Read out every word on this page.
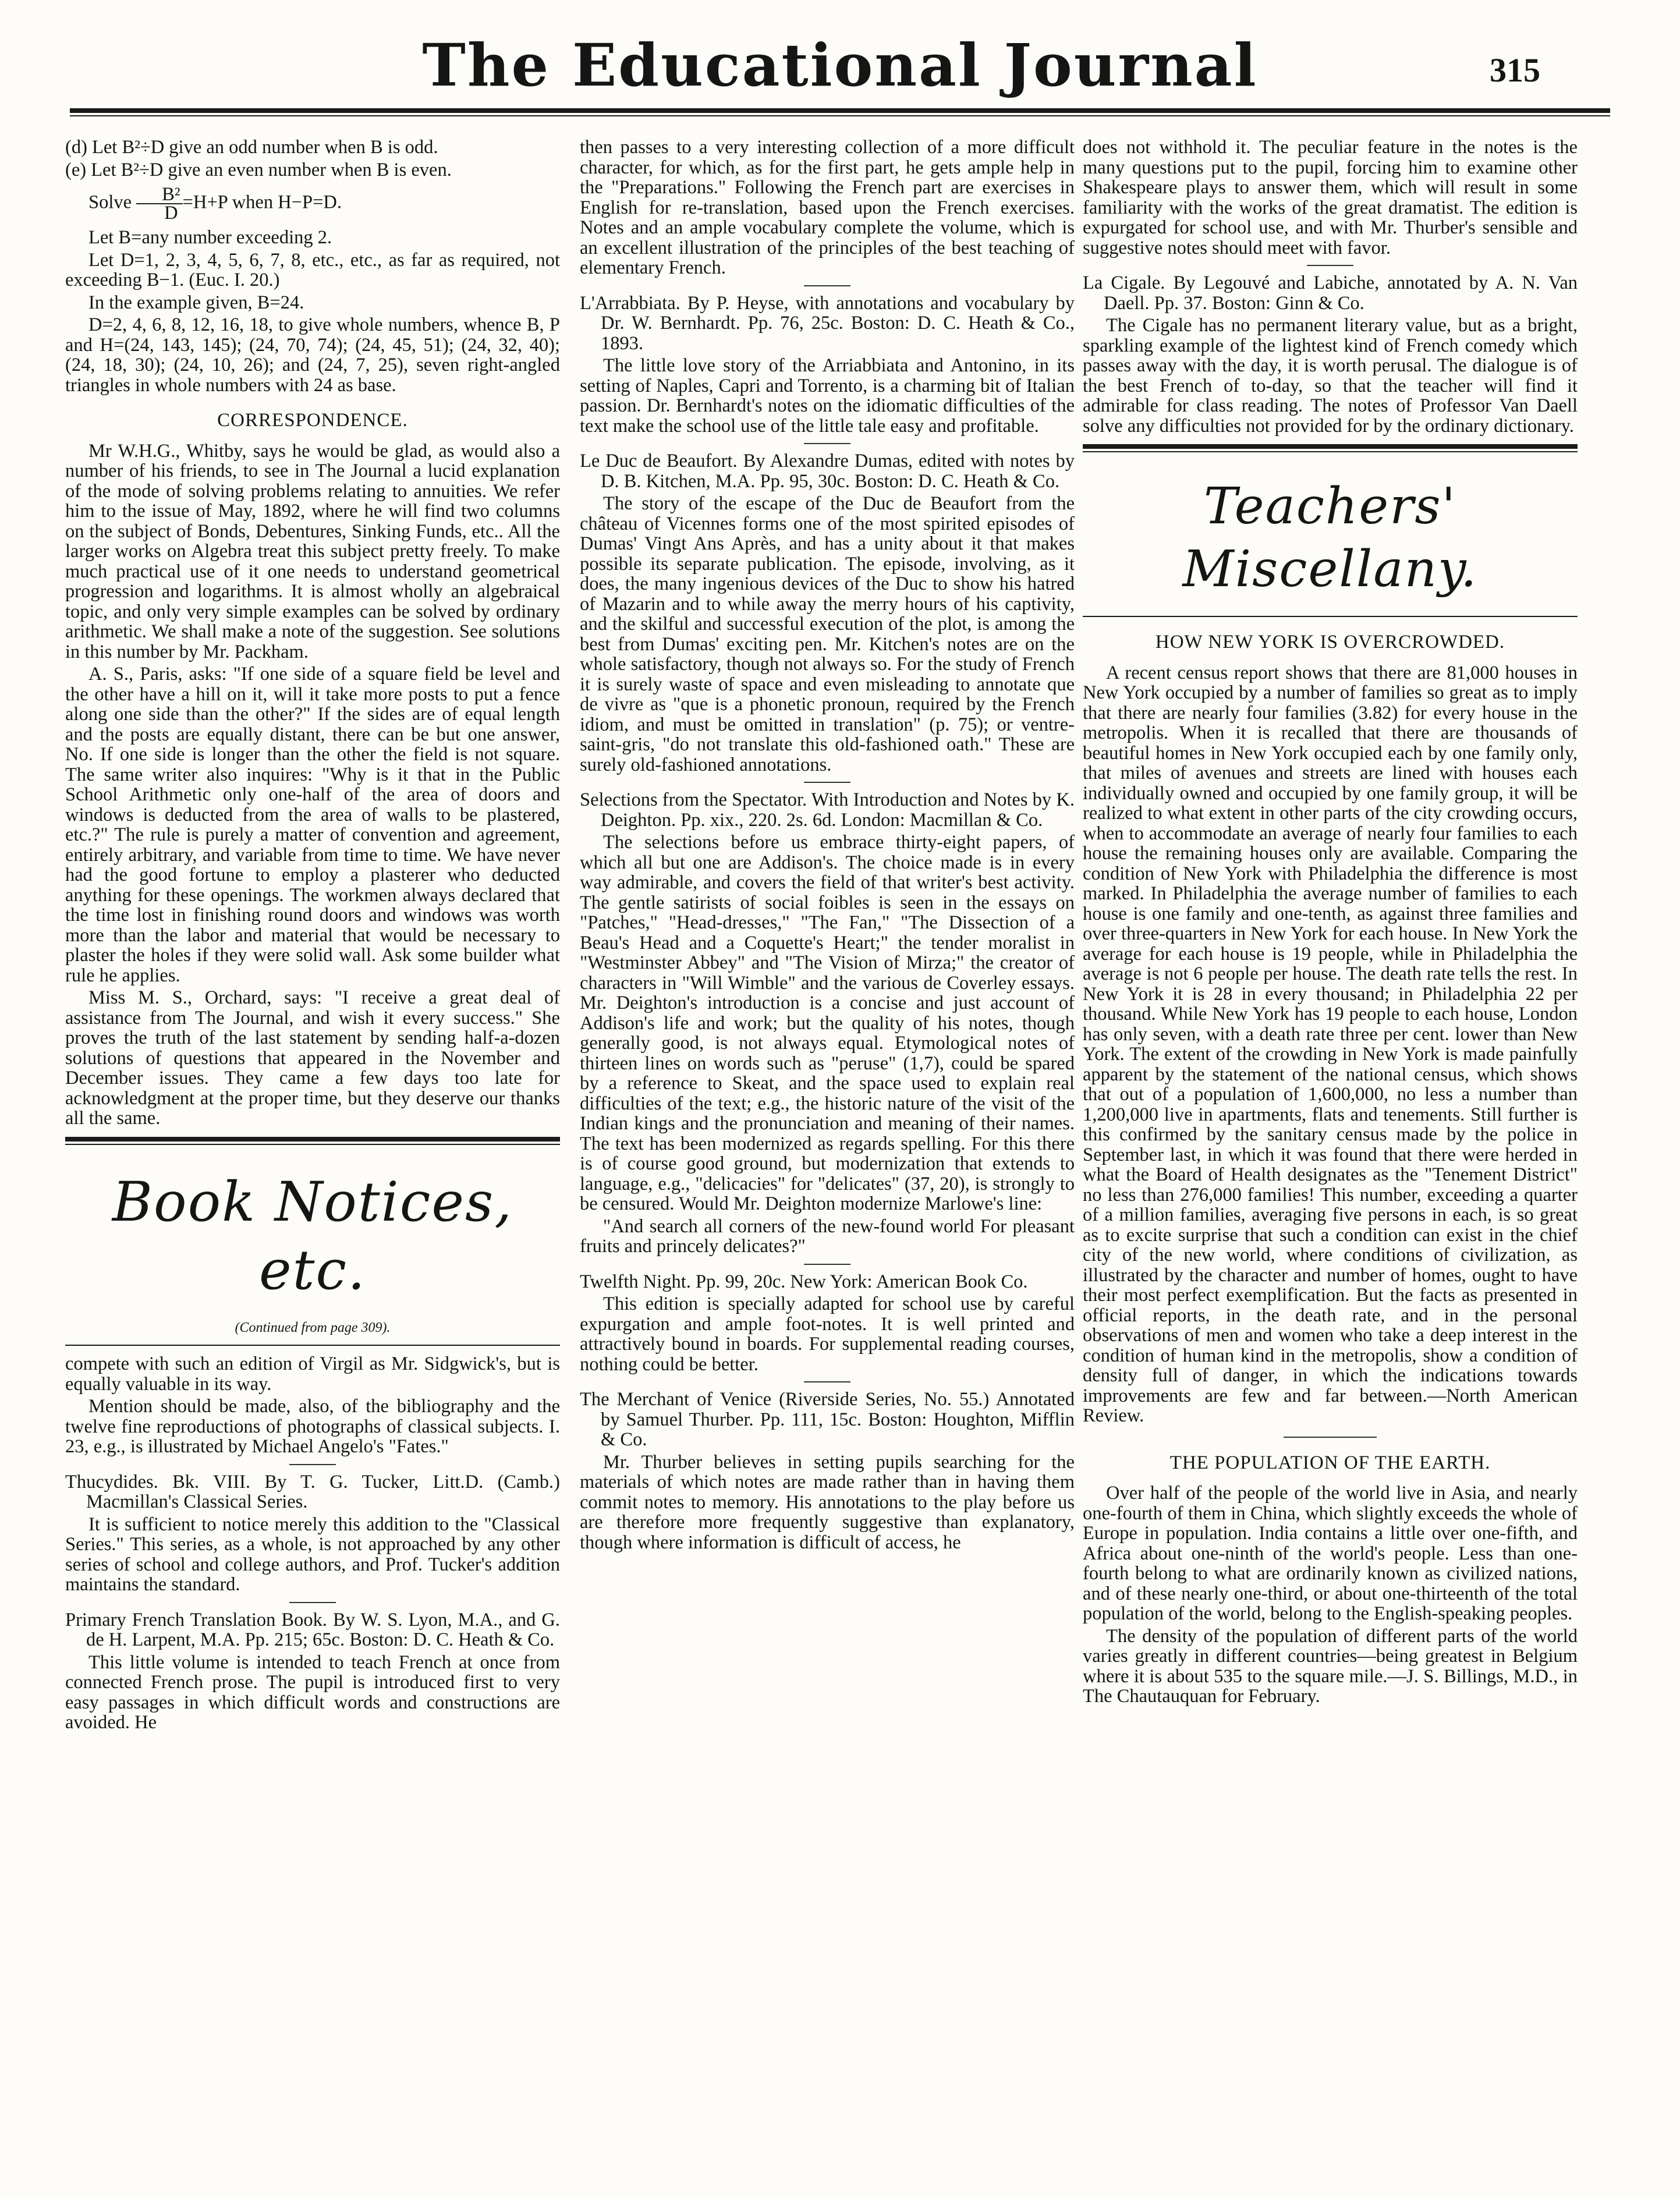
The Educational Journal	315

(d) Let B²÷D give an odd number when B is odd.

(e) Let B²÷D give an even number when B is even.

Solve $\frac{\text{B²}}{D} =H+P$ when H−P=D.

Let B=any number exceeding 2.

Let D=1, 2, 3, 4, 5, 6, 7, 8, etc., etc., as far as required, not exceeding B−1. (Euc. I. 20.)

In the example given, B=24.

D=2, 4, 6, 8, 12, 16, 18, to give whole numbers, whence B, P and H=(24, 143, 145); (24, 70, 74); (24, 45, 51); (24, 32, 40); (24, 18, 30); (24, 10, 26); and (24, 7, 25), seven right-angled triangles in whole numbers with 24 as base.

CORRESPONDENCE.

Mr W.H.G., Whitby, says he would be glad, as would also a number of his friends, to see in The Journal a lucid explanation of the mode of solving problems relating to annuities. We refer him to the issue of May, 1892, where he will find two columns on the subject of Bonds, Debentures, Sinking Funds, etc.. All the larger works on Algebra treat this subject pretty freely. To make much practical use of it one needs to understand geometrical progression and logarithms. It is almost wholly an algebraical topic, and only very simple examples can be solved by ordinary arithmetic. We shall make a note of the suggestion. See solutions in this number by Mr. Packham.

A. S., Paris, asks: "If one side of a square field be level and the other have a hill on it, will it take more posts to put a fence along one side than the other?" If the sides are of equal length and the posts are equally distant, there can be but one answer, No. If one side is longer than the other the field is not square. The same writer also inquires: "Why is it that in the Public School Arithmetic only one-half of the area of doors and windows is deducted from the area of walls to be plastered, etc.?" The rule is purely a matter of convention and agreement, entirely arbitrary, and variable from time to time. We have never had the good fortune to employ a plasterer who deducted anything for these openings. The workmen always declared that the time lost in finishing round doors and windows was worth more than the labor and material that would be necessary to plaster the holes if they were solid wall. Ask some builder what rule he applies.

Miss M. S., Orchard, says: "I receive a great deal of assistance from The Journal, and wish it every success." She proves the truth of the last statement by sending half-a-dozen solutions of questions that appeared in the November and December issues. They came a few days too late for acknowledgment at the proper time, but they deserve our thanks all the same.

Book Notices, etc.
(Continued from page 309).

compete with such an edition of Virgil as Mr. Sidgwick's, but is equally valuable in its way.

Mention should be made, also, of the bibliography and the twelve fine reproductions of photographs of classical subjects. I. 23, e.g., is illustrated by Michael Angelo's "Fates."

Thucydides. Bk. VIII. By T. G. Tucker, Litt.D. (Camb.) Macmillan's Classical Series.

It is sufficient to notice merely this addition to the "Classical Series." This series, as a whole, is not approached by any other series of school and college authors, and Prof. Tucker's addition maintains the standard.

Primary French Translation Book. By W. S. Lyon, M.A., and G. de H. Larpent, M.A. Pp. 215; 65c. Boston: D. C. Heath & Co.

This little volume is intended to teach French at once from connected French prose. The pupil is introduced first to very easy passages in which difficult words and constructions are avoided. He

then passes to a very interesting collection of a more difficult character, for which, as for the first part, he gets ample help in the "Preparations." Following the French part are exercises in English for re-translation, based upon the French exercises. Notes and an ample vocabulary complete the volume, which is an excellent illustration of the principles of the best teaching of elementary French.

L'Arrabbiata. By P. Heyse, with annotations and vocabulary by Dr. W. Bernhardt. Pp. 76, 25c. Boston: D. C. Heath & Co., 1893.

The little love story of the Arriabbiata and Antonino, in its setting of Naples, Capri and Torrento, is a charming bit of Italian passion. Dr. Bernhardt's notes on the idiomatic difficulties of the text make the school use of the little tale easy and profitable.

Le Duc de Beaufort. By Alexandre Dumas, edited with notes by D. B. Kitchen, M.A. Pp. 95, 30c. Boston: D. C. Heath & Co.

The story of the escape of the Duc de Beaufort from the château of Vicennes forms one of the most spirited episodes of Dumas' Vingt Ans Après, and has a unity about it that makes possible its separate publication. The episode, involving, as it does, the many ingenious devices of the Duc to show his hatred of Mazarin and to while away the merry hours of his captivity, and the skilful and successful execution of the plot, is among the best from Dumas' exciting pen. Mr. Kitchen's notes are on the whole satisfactory, though not always so. For the study of French it is surely waste of space and even misleading to annotate que de vivre as "que is a phonetic pronoun, required by the French idiom, and must be omitted in translation" (p. 75); or ventre-saint-gris, "do not translate this old-fashioned oath." These are surely old-fashioned annotations.

Selections from the Spectator. With Introduction and Notes by K. Deighton. Pp. xix., 220. 2s. 6d. London: Macmillan & Co.

The selections before us embrace thirty-eight papers, of which all but one are Addison's. The choice made is in every way admirable, and covers the field of that writer's best activity. The gentle satirists of social foibles is seen in the essays on "Patches," "Head-dresses," "The Fan," "The Dissection of a Beau's Head and a Coquette's Heart;" the tender moralist in "Westminster Abbey" and "The Vision of Mirza;" the creator of characters in "Will Wimble" and the various de Coverley essays. Mr. Deighton's introduction is a concise and just account of Addison's life and work; but the quality of his notes, though generally good, is not always equal. Etymological notes of thirteen lines on words such as "peruse" (1,7), could be spared by a reference to Skeat, and the space used to explain real difficulties of the text; e.g., the historic nature of the visit of the Indian kings and the pronunciation and meaning of their names. The text has been modernized as regards spelling. For this there is of course good ground, but modernization that extends to language, e.g., "delicacies" for "delicates" (37, 20), is strongly to be censured. Would Mr. Deighton modernize Marlowe's line:

"And search all corners of the new-found world For pleasant fruits and princely delicates?"

Twelfth Night. Pp. 99, 20c. New York: American Book Co.

This edition is specially adapted for school use by careful expurgation and ample foot-notes. It is well printed and attractively bound in boards. For supplemental reading courses, nothing could be better.

The Merchant of Venice (Riverside Series, No. 55.) Annotated by Samuel Thurber. Pp. 111, 15c. Boston: Houghton, Mifflin & Co.

Mr. Thurber believes in setting pupils searching for the materials of which notes are made rather than in having them commit notes to memory. His annotations to the play before us are therefore more frequently suggestive than explanatory, though where information is difficult of access, he

does not withhold it. The peculiar feature in the notes is the many questions put to the pupil, forcing him to examine other Shakespeare plays to answer them, which will result in some familiarity with the works of the great dramatist. The edition is expurgated for school use, and with Mr. Thurber's sensible and suggestive notes should meet with favor.

La Cigale. By Legouvé and Labiche, annotated by A. N. Van Daell. Pp. 37. Boston: Ginn & Co.

The Cigale has no permanent literary value, but as a bright, sparkling example of the lightest kind of French comedy which passes away with the day, it is worth perusal. The dialogue is of the best French of to-day, so that the teacher will find it admirable for class reading. The notes of Professor Van Daell solve any difficulties not provided for by the ordinary dictionary.

Teachers' Miscellany.
HOW NEW YORK IS OVERCROWDED.

A recent census report shows that there are 81,000 houses in New York occupied by a number of families so great as to imply that there are nearly four families (3.82) for every house in the metropolis. When it is recalled that there are thousands of beautiful homes in New York occupied each by one family only, that miles of avenues and streets are lined with houses each individually owned and occupied by one family group, it will be realized to what extent in other parts of the city crowding occurs, when to accommodate an average of nearly four families to each house the remaining houses only are available. Comparing the condition of New York with Philadelphia the difference is most marked. In Philadelphia the average number of families to each house is one family and one-tenth, as against three families and over three-quarters in New York for each house. In New York the average for each house is 19 people, while in Philadelphia the average is not 6 people per house. The death rate tells the rest. In New York it is 28 in every thousand; in Philadelphia 22 per thousand. While New York has 19 people to each house, London has only seven, with a death rate three per cent. lower than New York. The extent of the crowding in New York is made painfully apparent by the statement of the national census, which shows that out of a population of 1,600,000, no less a number than 1,200,000 live in apartments, flats and tenements. Still further is this confirmed by the sanitary census made by the police in September last, in which it was found that there were herded in what the Board of Health designates as the "Tenement District" no less than 276,000 families! This number, exceeding a quarter of a million families, averaging five persons in each, is so great as to excite surprise that such a condition can exist in the chief city of the new world, where conditions of civilization, as illustrated by the character and number of homes, ought to have their most perfect exemplification. But the facts as presented in official reports, in the death rate, and in the personal observations of men and women who take a deep interest in the condition of human kind in the metropolis, show a condition of density full of danger, in which the indications towards improvements are few and far between.—North American Review.

THE POPULATION OF THE EARTH.

Over half of the people of the world live in Asia, and nearly one-fourth of them in China, which slightly exceeds the whole of Europe in population. India contains a little over one-fifth, and Africa about one-ninth of the world's people. Less than one-fourth belong to what are ordinarily known as civilized nations, and of these nearly one-third, or about one-thirteenth of the total population of the world, belong to the English-speaking peoples.

The density of the population of different parts of the world varies greatly in different countries—being greatest in Belgium where it is about 535 to the square mile.—J. S. Billings, M.D., in The Chautauquan for February.
